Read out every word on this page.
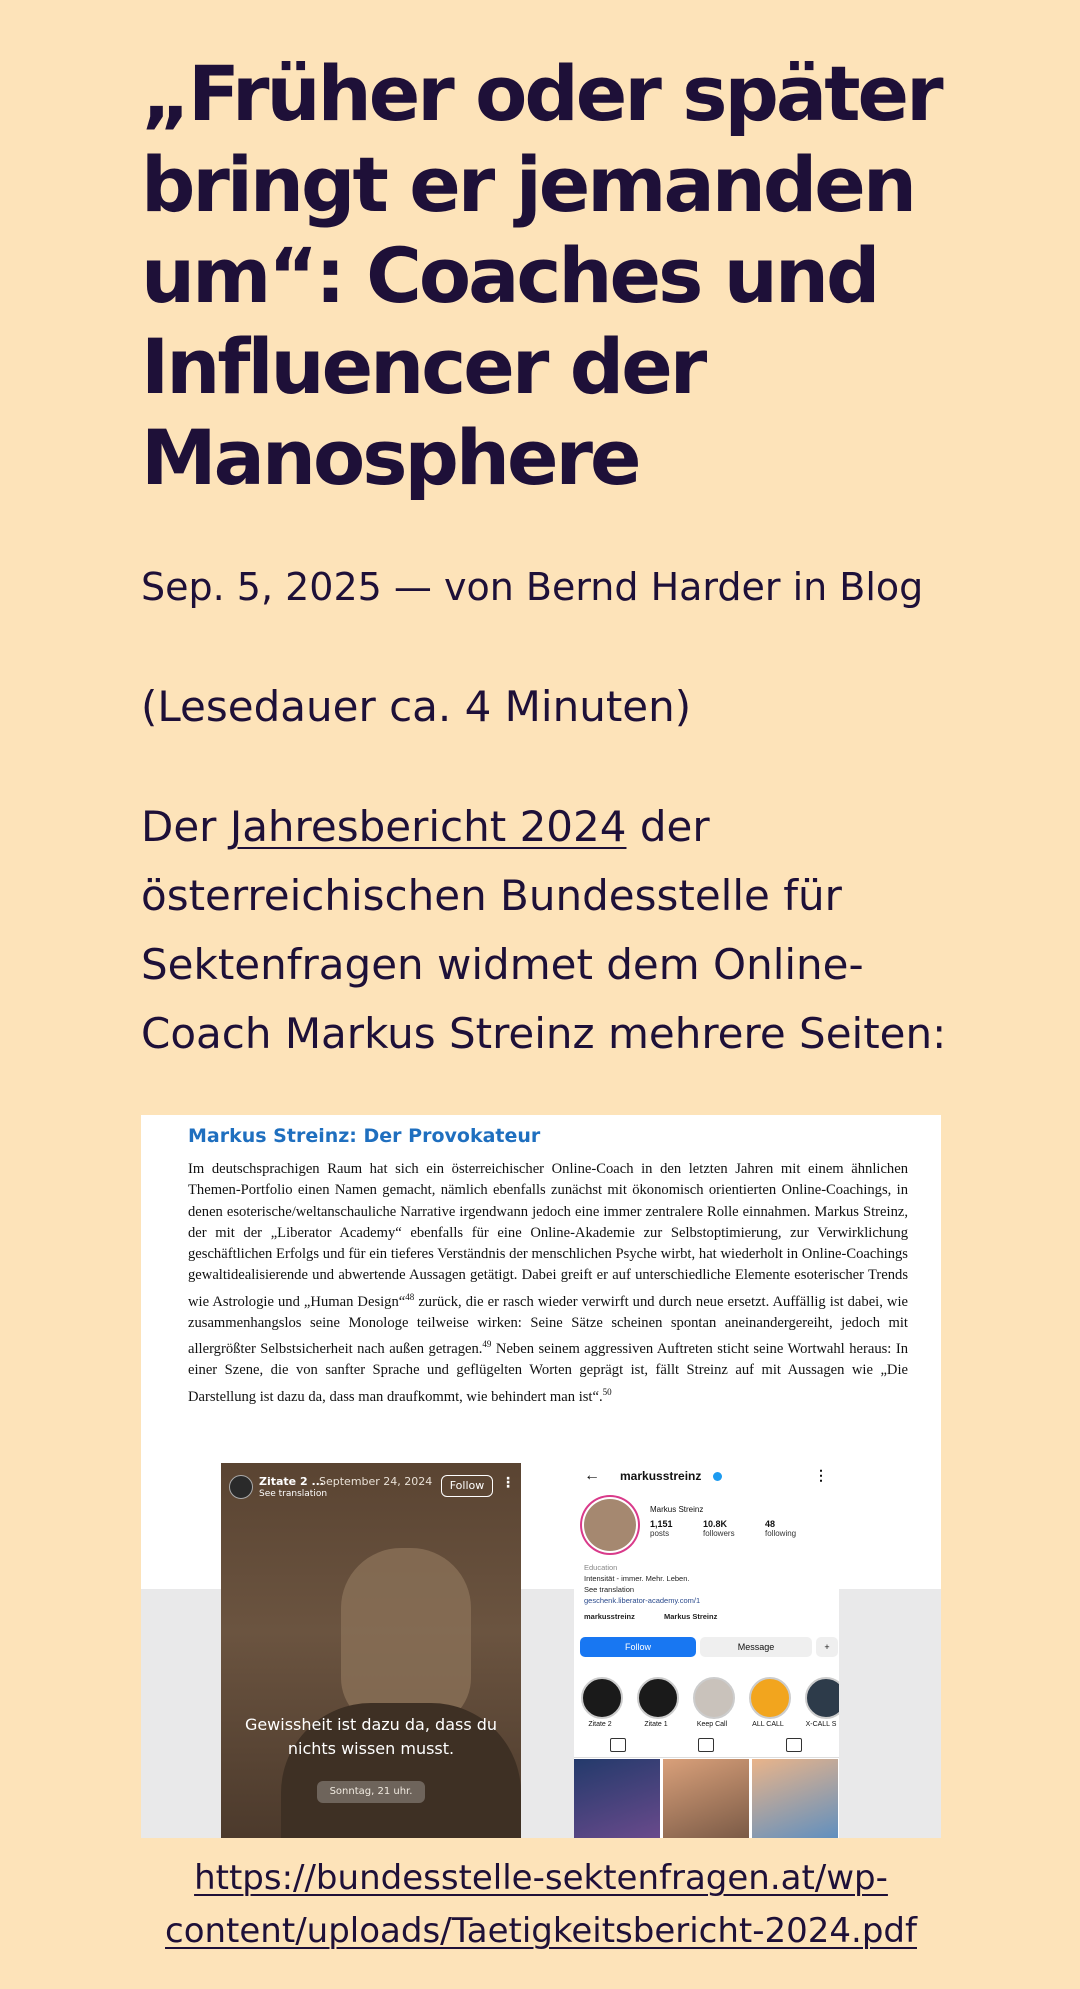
„Früher oder später bringt er jemanden um“: Coaches und Influencer der Manosphere

Sep. 5, 2025 — von Bernd Harder in Blog

(Lesedauer ca. 4 Minuten)

Der Jahresbericht 2024 der österreichischen Bundesstelle für Sektenfragen widmet dem Online-Coach Markus Streinz mehrere Seiten:

Markus Streinz: Der Provokateur

Im deutschsprachigen Raum hat sich ein österreichischer Online-Coach in den letzten Jahren mit einem ähnlichen Themen-Portfolio einen Namen gemacht, nämlich ebenfalls zunächst mit ökonomisch orientierten Online-Coachings, in denen esoterische/weltanschauliche Narrative irgendwann jedoch eine immer zentralere Rolle einnahmen. Markus Streinz, der mit der „Liberator Academy“ ebenfalls für eine Online-Akademie zur Selbstoptimierung, zur Verwirklichung geschäftlichen Erfolgs und für ein tieferes Verständnis der menschlichen Psyche wirbt, hat wiederholt in Online-Coachings gewaltidealisierende und abwertende Aussagen getätigt. Dabei greift er auf unterschiedliche Elemente esoterischer Trends wie Astrologie und „Human Design“$^{48}$ zurück, die er rasch wieder verwirft und durch neue ersetzt. Auffällig ist dabei, wie zusammenhangslos seine Monologe teilweise wirken: Seine Sätze scheinen spontan aneinandergereiht, jedoch mit allergrößter Selbstsicherheit nach außen getragen.$^{49}$ Neben seinem aggressiven Auftreten sticht seine Wortwahl heraus: In einer Szene, die von sanfter Sprache und geflügelten Worten geprägt ist, fällt Streinz auf mit Aussagen wie „Die Darstellung ist dazu da, dass man draufkommt, wie behindert man ist“.$^{50}$

Zitate 2 ...
September 24, 2024
See translation
Follow	⋮
Gewissheit ist dazu da, dass du nichts wissen musst.
Sonntag, 21 uhr.
← markusstreinz	⋮
Markus Streinz
1,151
posts
10.8K
followers
48
following
Education
Intensität - immer. Mehr. Leben.
See translation
geschenk.liberator-academy.com/1
markusstreinz	Markus Streinz
Follow	Message	+
Zitate 2	Zitate 1	Keep Call	ALL CALL	X-CALL S

https://bundesstelle-sektenfragen.at/wp-content/uploads/Taetigkeitsbericht-2024.pdf
